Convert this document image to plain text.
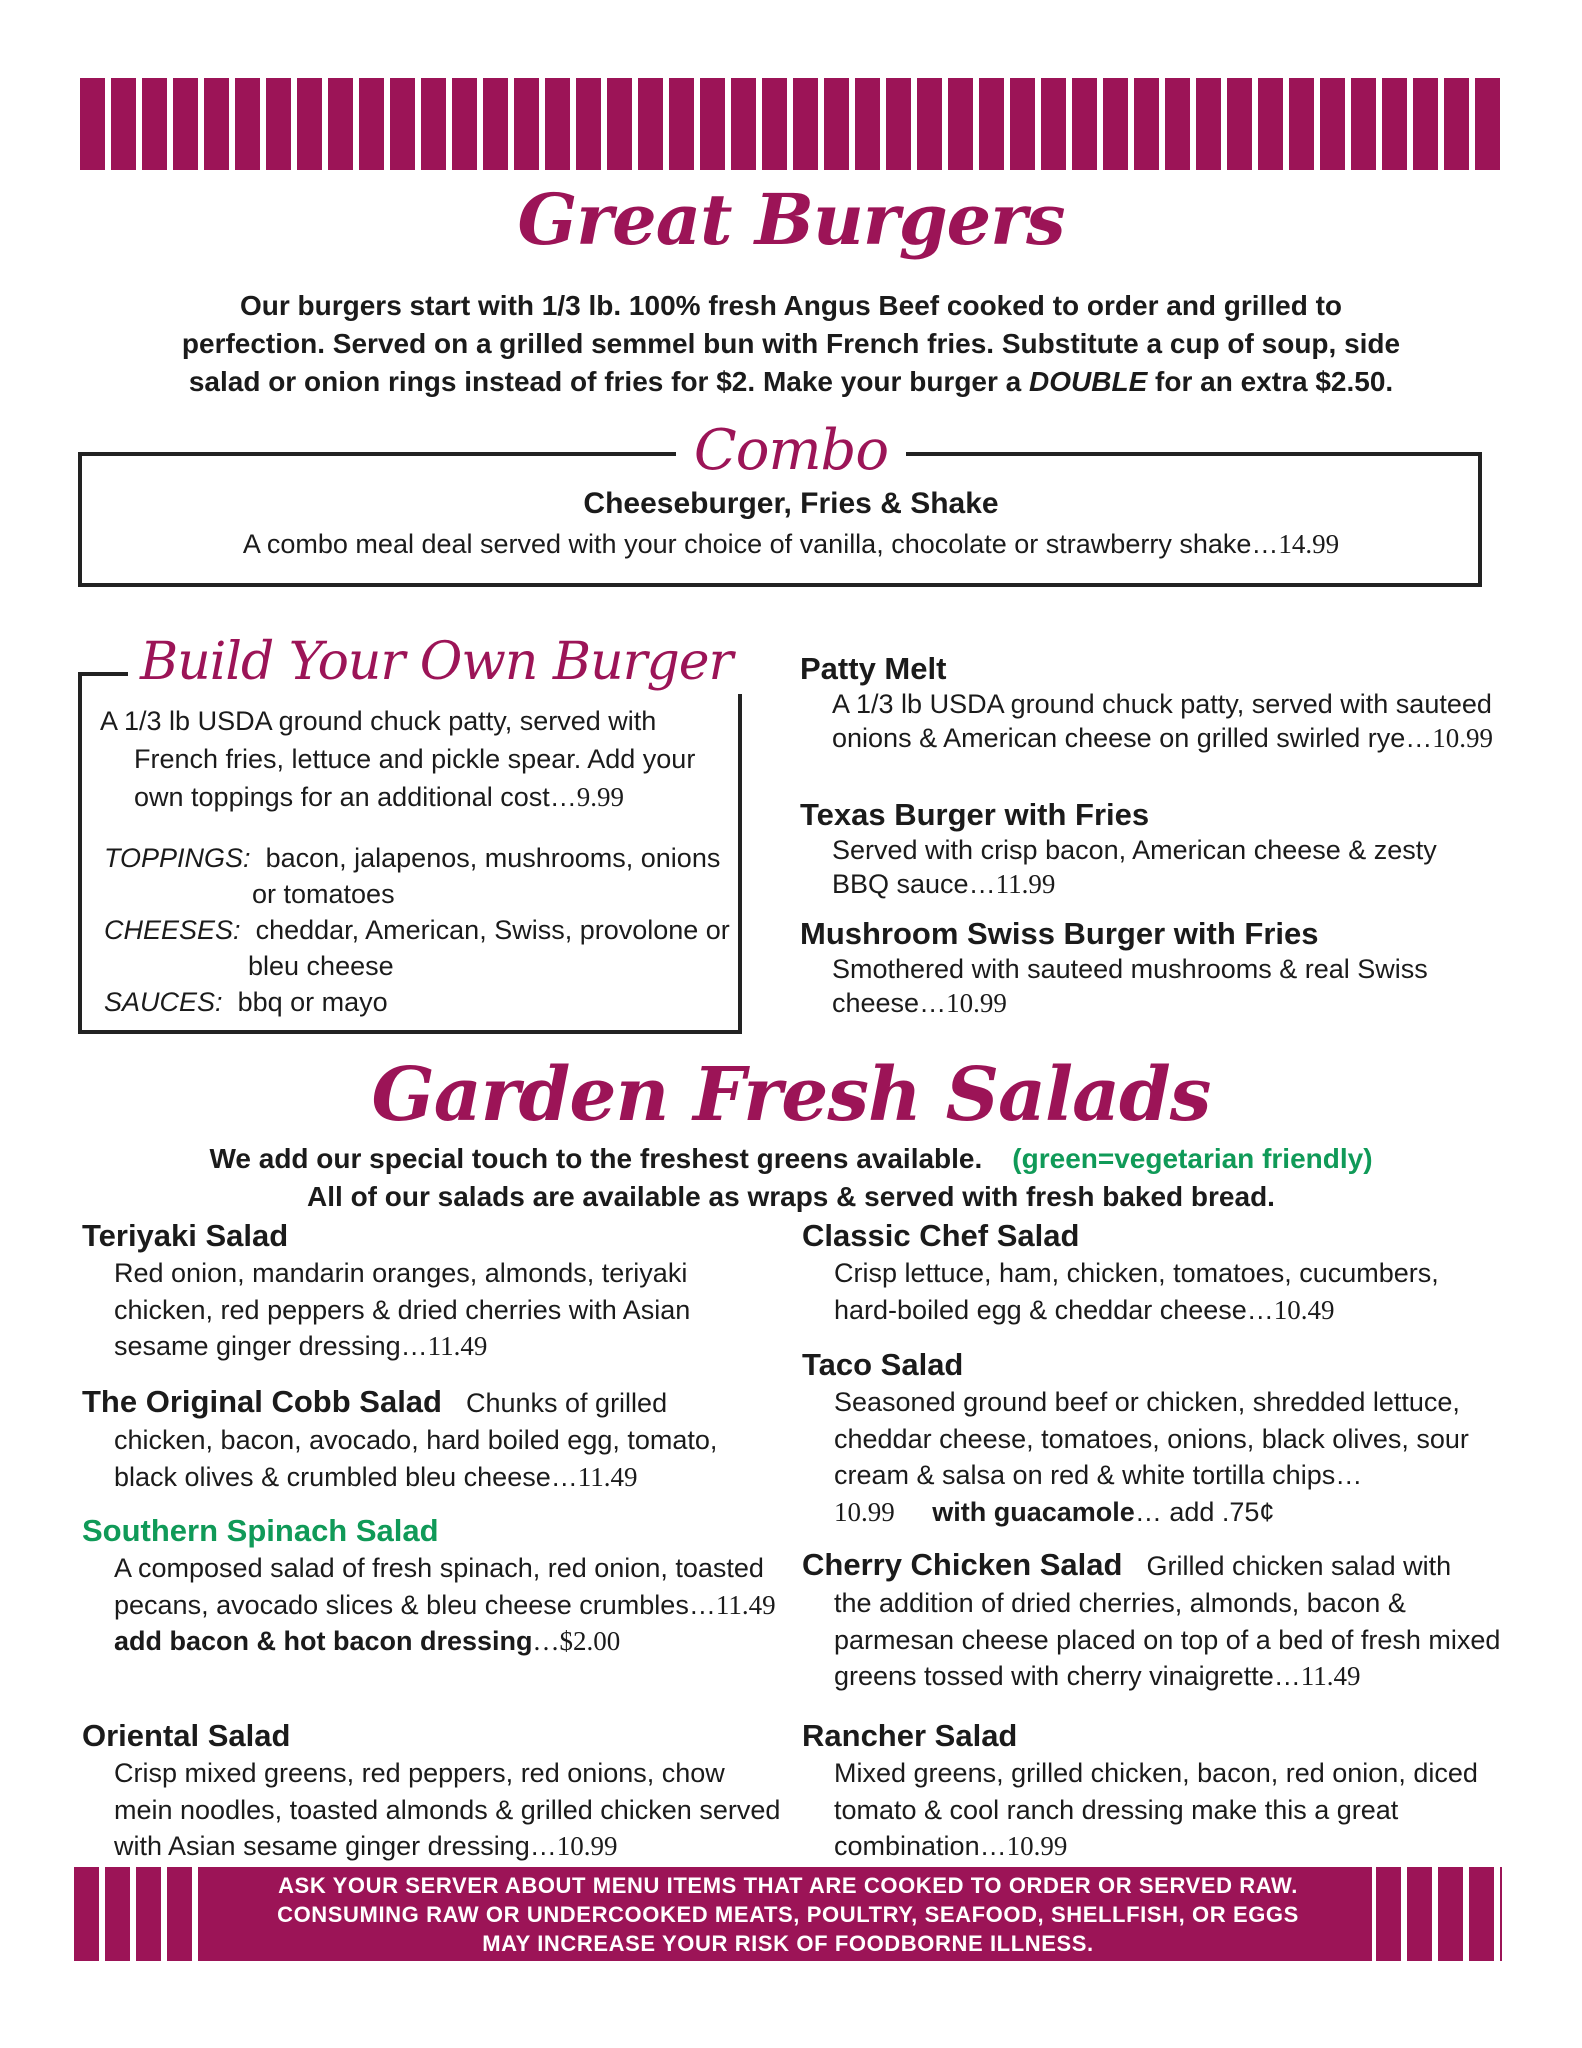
Great Burgers

Our burgers start with 1/3 lb. 100% fresh Angus Beef cooked to order and grilled to

perfection. Served on a grilled semmel bun with French fries. Substitute a cup of soup, side

salad or onion rings instead of fries for $2. Make your burger a DOUBLE for an extra $2.50.

Combo
Cheeseburger, Fries & Shake
A combo meal deal served with your choice of vanilla, chocolate or strawberry shake…14.99
Build Your Own Burger
A 1/3 lb USDA ground chuck patty, served with French fries, lettuce and pickle spear. Add your own toppings for an additional cost…9.99
TOPPINGS: bacon, jalapenos, mushrooms, onions
or tomatoes
CHEESES: cheddar, American, Swiss, provolone or
bleu cheese
SAUCES: bbq or mayo
Patty Melt
A 1/3 lb USDA ground chuck patty, served with sauteed onions & American cheese on grilled swirled rye…10.99
Texas Burger with Fries
Served with crisp bacon, American cheese & zesty BBQ sauce…11.99
Mushroom Swiss Burger with Fries
Smothered with sauteed mushrooms & real Swiss cheese…10.99
Garden Fresh Salads

We add our special touch to the freshest greens available. (green=vegetarian friendly)

All of our salads are available as wraps & served with fresh baked bread.

Teriyaki Salad
Red onion, mandarin oranges, almonds, teriyaki chicken, red peppers & dried cherries with Asian sesame ginger dressing…11.49
The Original Cobb Salad Chunks of grilled
chicken, bacon, avocado, hard boiled egg, tomato, black olives & crumbled bleu cheese…11.49
Southern Spinach Salad
A composed salad of fresh spinach, red onion, toasted pecans, avocado slices & bleu cheese crumbles…11.49
add bacon & hot bacon dressing…$2.00
Oriental Salad
Crisp mixed greens, red peppers, red onions, chow mein noodles, toasted almonds & grilled chicken served with Asian sesame ginger dressing…10.99
Classic Chef Salad
Crisp lettuce, ham, chicken, tomatoes, cucumbers, hard-boiled egg & cheddar cheese…10.49
Taco Salad
Seasoned ground beef or chicken, shredded lettuce, cheddar cheese, tomatoes, onions, black olives, sour cream & salsa on red & white tortilla chips…10.99 with guacamole… add .75¢
Cherry Chicken Salad Grilled chicken salad with
the addition of dried cherries, almonds, bacon & parmesan cheese placed on top of a bed of fresh mixed greens tossed with cherry vinaigrette…11.49
Rancher Salad
Mixed greens, grilled chicken, bacon, red onion, diced tomato & cool ranch dressing make this a great combination…10.99
ASK YOUR SERVER ABOUT MENU ITEMS THAT ARE COOKED TO ORDER OR SERVED RAW.
CONSUMING RAW OR UNDERCOOKED MEATS, POULTRY, SEAFOOD, SHELLFISH, OR EGGS
MAY INCREASE YOUR RISK OF FOODBORNE ILLNESS.
